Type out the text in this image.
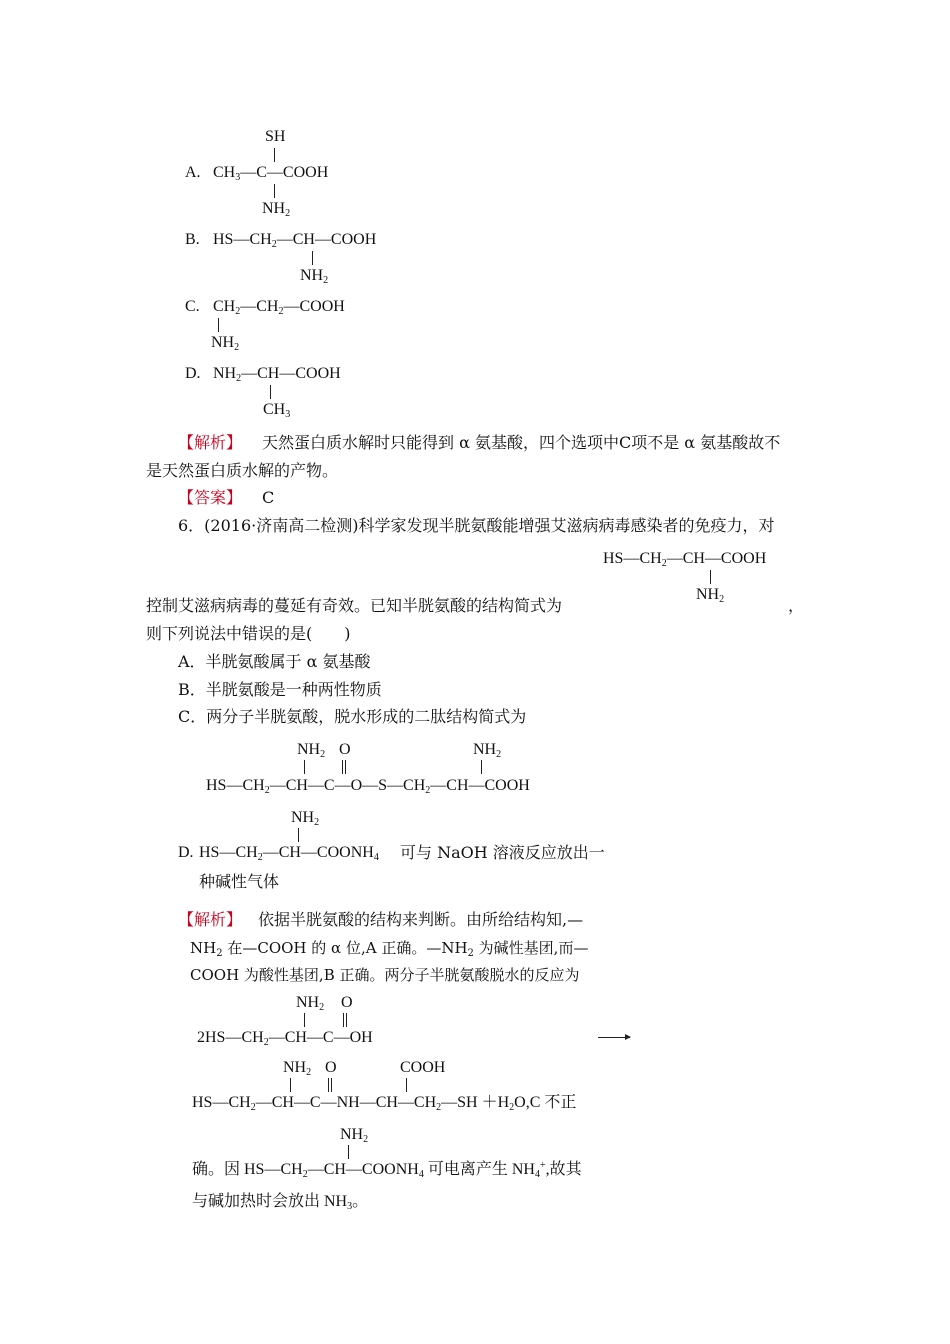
SH
A. $CH_3—C—COOH$
$NH_2$
B. $HS—CH_2—CH—COOH$
$NH_2$
C. $CH_2—CH_2—COOH$
$NH_2$
D. $NH_2—CH—COOH$
$CH_3$
【解析】 天然蛋白质水解时只能得到 α 氨基酸，四个选项中C项不是 α 氨基酸故不
是天然蛋白质水解的产物。
【答案】 C
6．(2016·济南高二检测)科学家发现半胱氨酸能增强艾滋病病毒感染者的免疫力，对
$HS—CH_2—CH—COOH$
$NH_2$
控制艾滋病病毒的蔓延有奇效。已知半胱氨酸的结构简式为	，
则下列说法中错误的是(　　)
A．半胱氨酸属于 α 氨基酸
B．半胱氨酸是一种两性物质
C．两分子半胱氨酸，脱水形成的二肽结构简式为
$NH_2$ O	$NH_2$
$HS—CH_2—CH—C—O—S—CH_2—CH—COOH$
$NH_2$
D. $HS—CH_2—CH—COONH_4$ 可与 NaOH 溶液反应放出一
种碱性气体
【解析】 依据半胱氨酸的结构来判断。由所给结构知,—
$NH_2$ 在—COOH 的 α 位,A 正确。$—NH_2$ 为碱性基团,而—
COOH 为酸性基团,B 正确。两分子半胱氨酸脱水的反应为
$NH_2$ O
$2HS—CH_2—CH—C—OH$
$NH_2$ O	COOH
$HS—CH_2—CH—C—NH—CH—CH_2—SH +H_2O,C$ 不正
$NH_2$
确。因 $HS—CH_2—CH—COONH_4$ 可电离产生 $NH_4^+$,故其
与碱加热时会放出 $NH_3$。
